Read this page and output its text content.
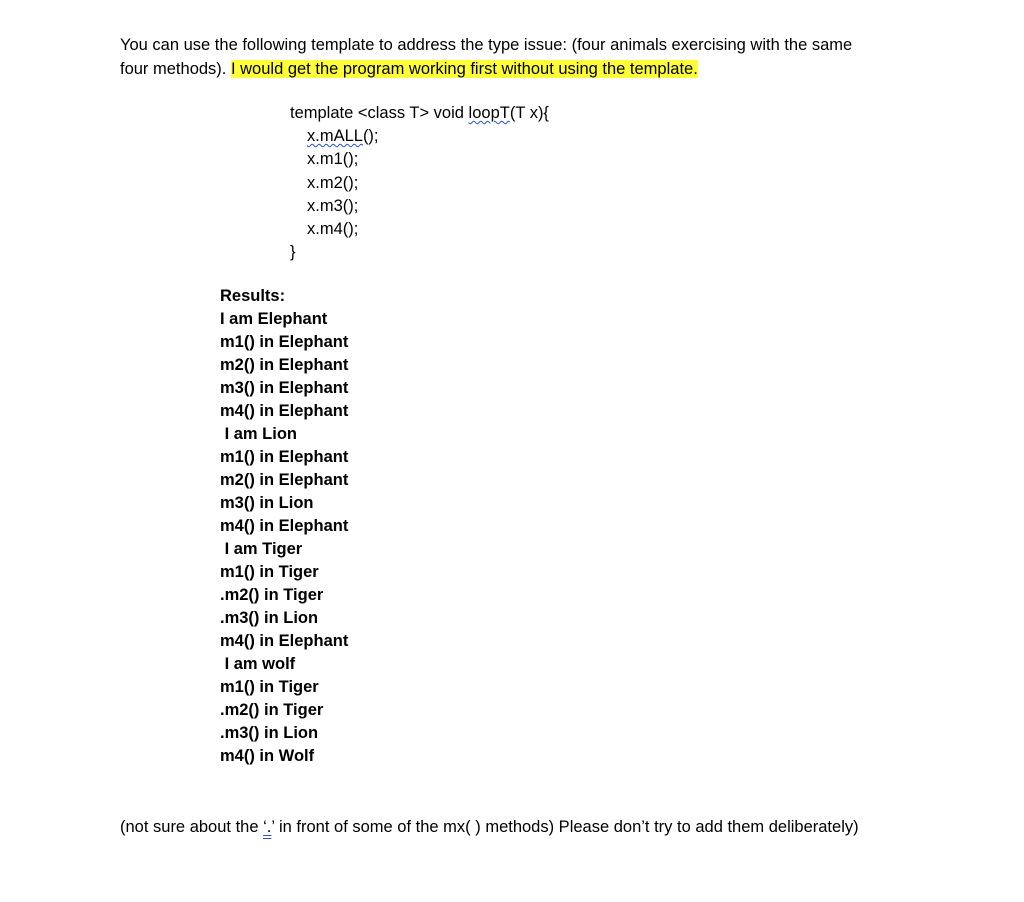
You can use the following template to address the type issue: (four animals exercising with the same
four methods). I would get the program working first without using the template.
template <class T> void loopT(T x){
x.mALL();
x.m1();
x.m2();
x.m3();
x.m4();
}
Results:
I am Elephant
m1() in Elephant
m2() in Elephant
m3() in Elephant
m4() in Elephant
I am Lion
m1() in Elephant
m2() in Elephant
m3() in Lion
m4() in Elephant
I am Tiger
m1() in Tiger
.m2() in Tiger
.m3() in Lion
m4() in Elephant
I am wolf
m1() in Tiger
.m2() in Tiger
.m3() in Lion
m4() in Wolf
(not sure about the ‘.’ in front of some of the mx( ) methods) Please don’t try to add them deliberately)
